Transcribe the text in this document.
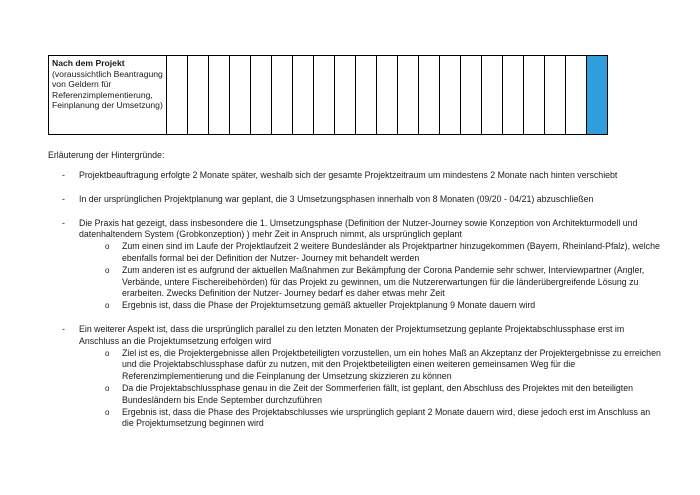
Nach dem Projekt
(voraussichtlich Beantragung von Geldern für Referenzimplementierung, Feinplanung der Umsetzung)																					
Erläuterung der Hintergründe:
- Projektbeauftragung erfolgte 2 Monate später, weshalb sich der gesamte Projektzeitraum um mindestens 2 Monate nach hinten verschiebt
- In der ursprünglichen Projektplanung war geplant, die 3 Umsetzungsphasen innerhalb von 8 Monaten (09/20 - 04/21) abzuschließen
- Die Praxis hat gezeigt, dass insbesondere die 1. Umsetzungsphase (Definition der Nutzer-Journey sowie Konzeption von Architekturmodell und datenhaltendem System (Grobkonzeption) ) mehr Zeit in Anspruch nimmt, als ursprünglich geplant
o Zum einen sind im Laufe der Projektlaufzeit 2 weitere Bundesländer als Projektpartner hinzugekommen (Bayern, Rheinland-Pfalz), welche ebenfalls formal bei der Definition der Nutzer- Journey mit behandelt werden
o Zum anderen ist es aufgrund der aktuellen Maßnahmen zur Bekämpfung der Corona Pandemie sehr schwer, Interviewpartner (Angler, Verbände, untere Fischereibehörden) für das Projekt zu gewinnen, um die Nutzererwartungen für die länderübergreifende Lösung zu erarbeiten. Zwecks Definition der Nutzer- Journey bedarf es daher etwas mehr Zeit
o Ergebnis ist, dass die Phase der Projektumsetzung gemäß aktueller Projektplanung 9 Monate dauern wird
- Ein weiterer Aspekt ist, dass die ursprünglich parallel zu den letzten Monaten der Projektumsetzung geplante Projektabschlussphase erst im Anschluss an die Projektumsetzung erfolgen wird
o Ziel ist es, die Projektergebnisse allen Projektbeteiligten vorzustellen, um ein hohes Maß an Akzeptanz der Projektergebnisse zu erreichen und die Projektabschlussphase dafür zu nutzen, mit den Projektbeteiligten einen weiteren gemeinsamen Weg für die Referenzimplementierung und die Feinplanung der Umsetzung skizzieren zu können
o Da die Projektabschlussphase genau in die Zeit der Sommerferien fällt, ist geplant, den Abschluss des Projektes mit den beteiligten Bundesländern bis Ende September durchzuführen
o Ergebnis ist, dass die Phase des Projektabschlusses wie ursprünglich geplant 2 Monate dauern wird, diese jedoch erst im Anschluss an die Projektumsetzung beginnen wird
